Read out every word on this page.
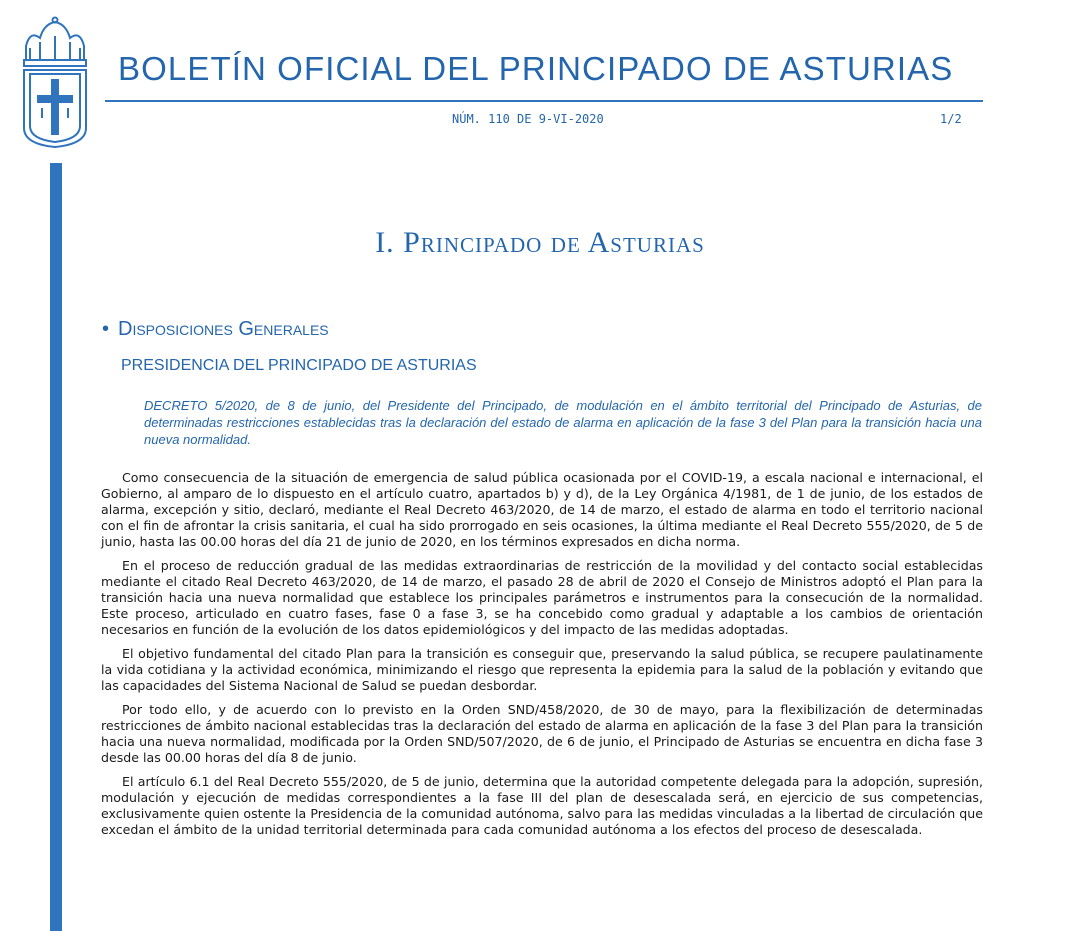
BOLETÍN OFICIAL DEL PRINCIPADO DE ASTURIAS
NÚM. 110 DE 9-VI-2020	1/2
I. Principado de Asturias
• Disposiciones Generales
PRESIDENCIA DEL PRINCIPADO DE ASTURIAS
DECRETO 5/2020, de 8 de junio, del Presidente del Principado, de modulación en el ámbito territorial del Principado de Asturias, de determinadas restricciones establecidas tras la declaración del estado de alarma en aplicación de la fase 3 del Plan para la transición hacia una nueva normalidad.

Como consecuencia de la situación de emergencia de salud pública ocasionada por el COVID-19, a escala nacional e internacional, el Gobierno, al amparo de lo dispuesto en el artículo cuatro, apartados b) y d), de la Ley Orgánica 4/1981, de 1 de junio, de los estados de alarma, excepción y sitio, declaró, mediante el Real Decreto 463/2020, de 14 de marzo, el estado de alarma en todo el territorio nacional con el fin de afrontar la crisis sanitaria, el cual ha sido prorrogado en seis ocasiones, la última mediante el Real Decreto 555/2020, de 5 de junio, hasta las 00.00 horas del día 21 de junio de 2020, en los términos expresados en dicha norma.

En el proceso de reducción gradual de las medidas extraordinarias de restricción de la movilidad y del contacto social establecidas mediante el citado Real Decreto 463/2020, de 14 de marzo, el pasado 28 de abril de 2020 el Consejo de Ministros adoptó el Plan para la transición hacia una nueva normalidad que establece los principales parámetros e instrumentos para la consecución de la normalidad. Este proceso, articulado en cuatro fases, fase 0 a fase 3, se ha concebido como gradual y adaptable a los cambios de orientación necesarios en función de la evolución de los datos epidemiológicos y del impacto de las medidas adoptadas.

El objetivo fundamental del citado Plan para la transición es conseguir que, preservando la salud pública, se recupere paulatinamente la vida cotidiana y la actividad económica, minimizando el riesgo que representa la epidemia para la salud de la población y evitando que las capacidades del Sistema Nacional de Salud se puedan desbordar.

Por todo ello, y de acuerdo con lo previsto en la Orden SND/458/2020, de 30 de mayo, para la flexibilización de determinadas restricciones de ámbito nacional establecidas tras la declaración del estado de alarma en aplicación de la fase 3 del Plan para la transición hacia una nueva normalidad, modificada por la Orden SND/507/2020, de 6 de junio, el Principado de Asturias se encuentra en dicha fase 3 desde las 00.00 horas del día 8 de junio.

El artículo 6.1 del Real Decreto 555/2020, de 5 de junio, determina que la autoridad competente delegada para la adopción, supresión, modulación y ejecución de medidas correspondientes a la fase III del plan de desescalada será, en ejercicio de sus competencias, exclusivamente quien ostente la Presidencia de la comunidad autónoma, salvo para las medidas vinculadas a la libertad de circulación que excedan el ámbito de la unidad territorial determinada para cada comunidad autónoma a los efectos del proceso de desescalada.
